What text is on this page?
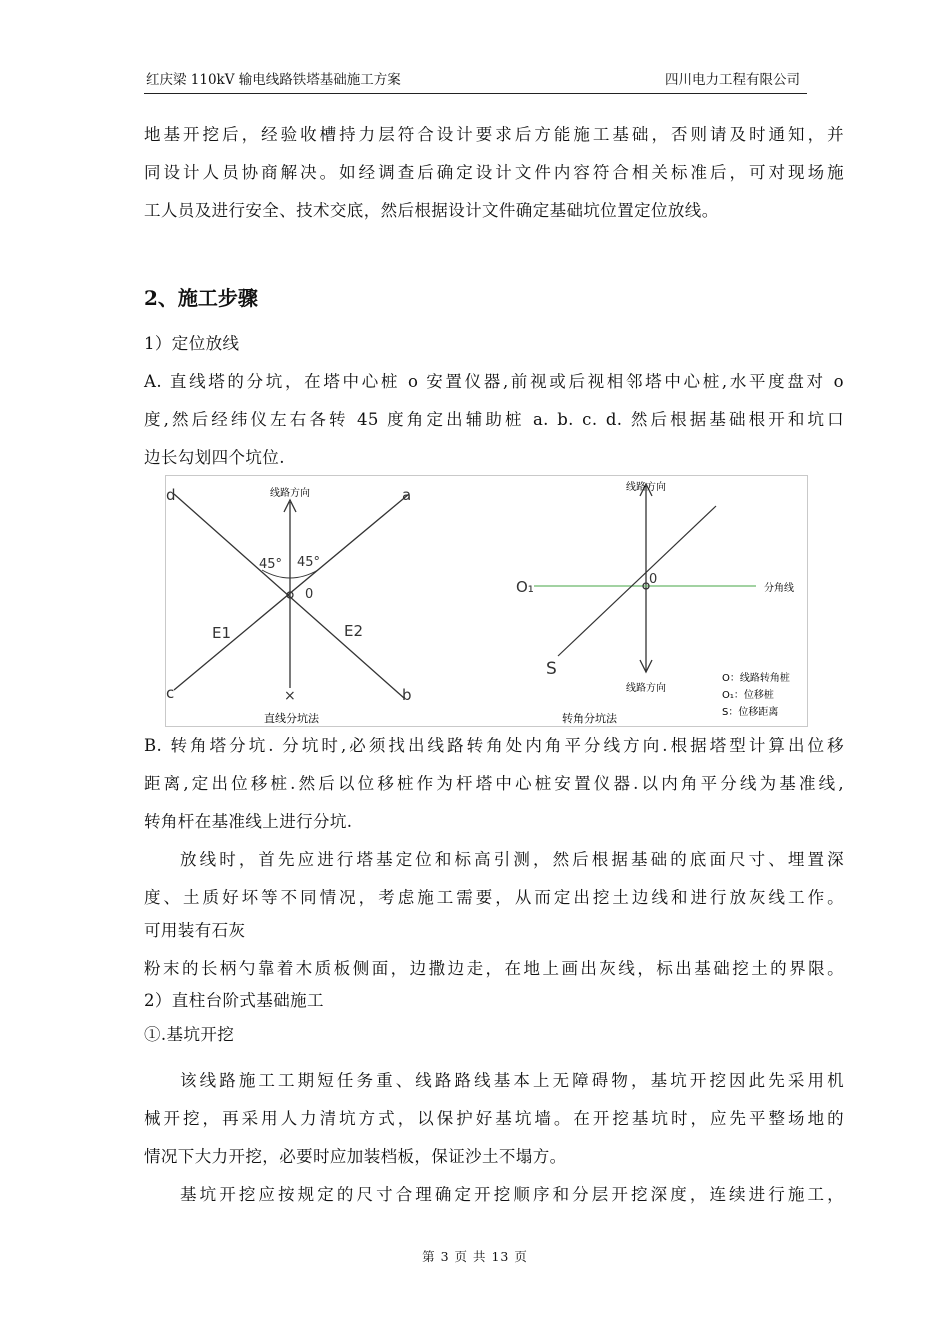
红庆梁 110kV 输电线路铁塔基础施工方案	四川电力工程有限公司

地基开挖后，经验收槽持力层符合设计要求后方能施工基础，否则请及时通知，并

同设计人员协商解决。如经调查后确定设计文件内容符合相关标准后，可对现场施

工人员及进行安全、技术交底，然后根据设计文件确定基础坑位置定位放线。

2、施工步骤

1）定位放线

A. 直线塔的分坑，在塔中心桩 o 安置仪器,前视或后视相邻塔中心桩,水平度盘对 o

度,然后经纬仪左右各转 45 度角定出辅助桩 a. b. c. d. 然后根据基础根开和坑口

边长勾划四个坑位.

线路方向
45° 45°
0
E1	E2
d	a
c	b
×
直线分坑法
线路方向
线路方向
O₁	0
分角线
S	O：线路转角桩
O₁：位移桩
S：位移距离
转角分坑法

B. 转角塔分坑. 分坑时,必须找出线路转角处内角平分线方向.根据塔型计算出位移

距离,定出位移桩.然后以位移桩作为杆塔中心桩安置仪器.以内角平分线为基准线,

转角杆在基准线上进行分坑.

放线时，首先应进行塔基定位和标高引测，然后根据基础的底面尺寸、埋置深

度、土质好坏等不同情况，考虑施工需要，从而定出挖土边线和进行放灰线工作。

可用装有石灰

粉末的长柄勺靠着木质板侧面，边撒边走，在地上画出灰线，标出基础挖土的界限。

2）直柱台阶式基础施工

①.基坑开挖

该线路施工工期短任务重、线路路线基本上无障碍物，基坑开挖因此先采用机

械开挖，再采用人力清坑方式，以保护好基坑墙。在开挖基坑时，应先平整场地的

情况下大力开挖，必要时应加装档板，保证沙土不塌方。

基坑开挖应按规定的尺寸合理确定开挖顺序和分层开挖深度，连续进行施工，

第 3 页 共 13 页
